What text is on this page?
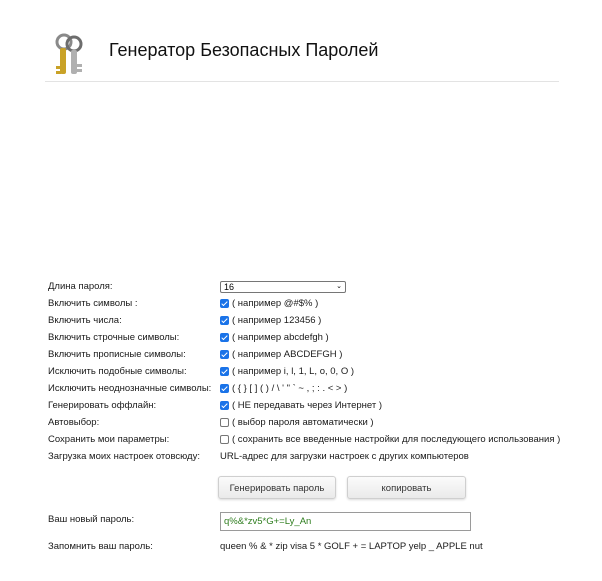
Генератор Безопасных Паролей
Длина пароля:	16	⌄
Включить символы :	( например @#$% )
Включить числа:	( например 123456 )
Включить строчные символы:	( например abcdefgh )
Включить прописные символы:	( например ABCDEFGH )
Исключить подобные символы:	( например i, l, 1, L, o, 0, O )
Исключить неоднозначные символы: ( { } [ ] ( ) / \ ' " ` ~ , ; : . < > )
Генерировать оффлайн:	( НЕ передавать через Интернет )
Автовыбор:	( выбор пароля автоматически )
Сохранить мои параметры:	( сохранить все введенные настройки для последующего использования )
Загрузка моих настроек отовсюду: URL-адрес для загрузки настроек с других компьютеров
Генерировать пароль	копировать
Ваш новый пароль:	q%&*zv5*G+=Ly_An
Запомнить ваш пароль:	queen % & * zip visa 5 * GOLF + = LAPTOP yelp _ APPLE nut
